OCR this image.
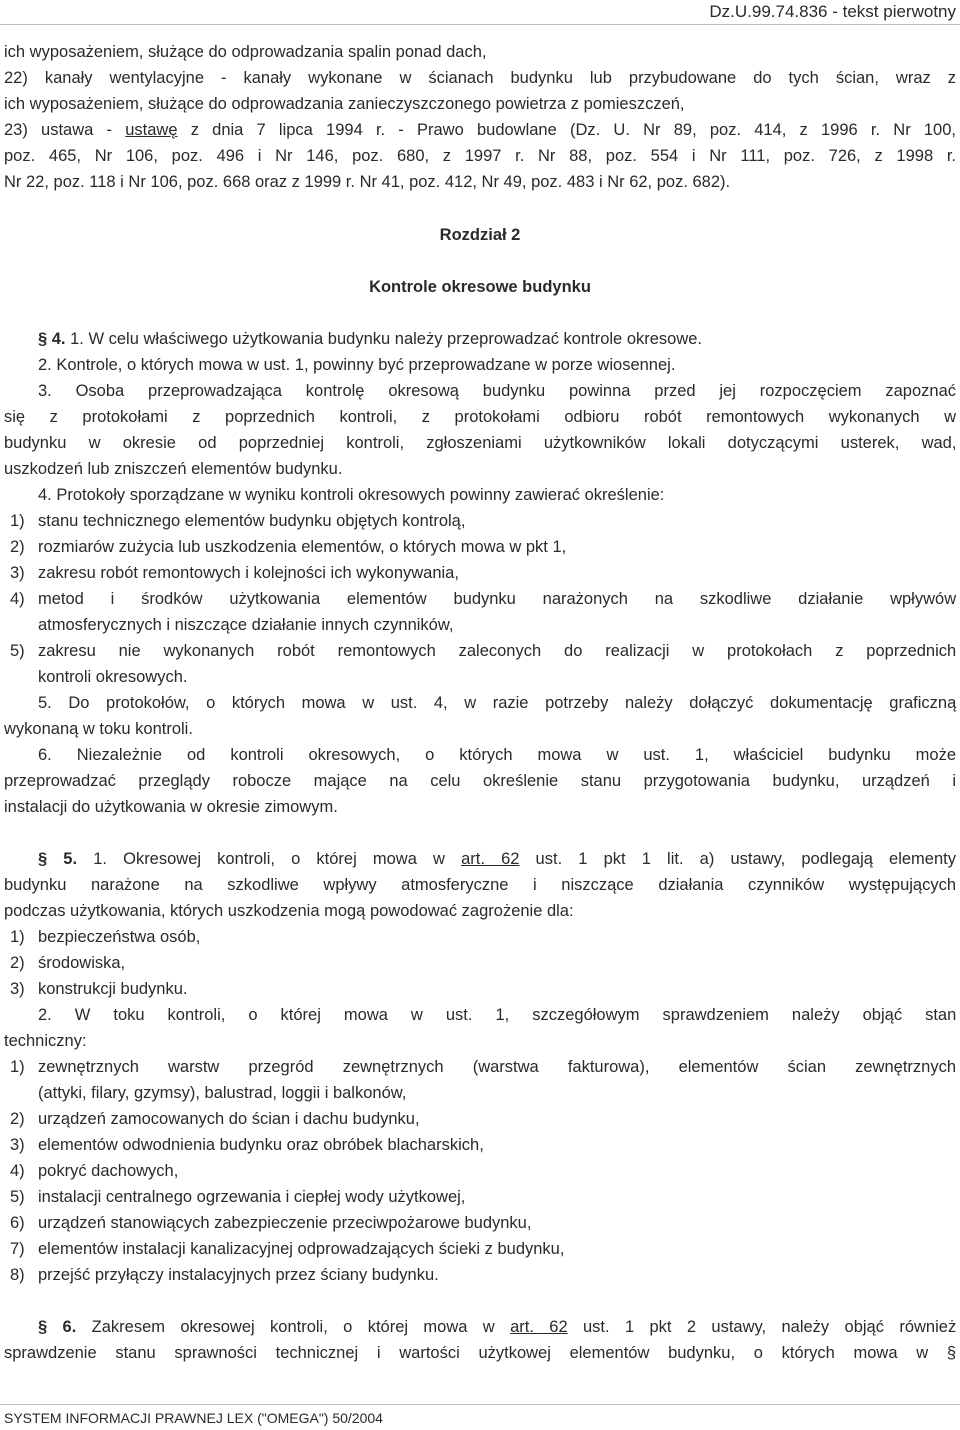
Dz.U.99.74.836 - tekst pierwotny
ich wyposażeniem, służące do odprowadzania spalin ponad dach,
22) kanały wentylacyjne - kanały wykonane w ścianach budynku lub przybudowane do tych ścian, wraz z
ich wyposażeniem, służące do odprowadzania zanieczyszczonego powietrza z pomieszczeń,
23) ustawa - ustawę z dnia 7 lipca 1994 r. - Prawo budowlane (Dz. U. Nr 89, poz. 414, z 1996 r. Nr 100,
poz. 465, Nr 106, poz. 496 i Nr 146, poz. 680, z 1997 r. Nr 88, poz. 554 i Nr 111, poz. 726, z 1998 r.
Nr 22, poz. 118 i Nr 106, poz. 668 oraz z 1999 r. Nr 41, poz. 412, Nr 49, poz. 483 i Nr 62, poz. 682).
Rozdział 2
Kontrole okresowe budynku
§ 4. 1. W celu właściwego użytkowania budynku należy przeprowadzać kontrole okresowe.
2. Kontrole, o których mowa w ust. 1, powinny być przeprowadzane w porze wiosennej.
3. Osoba przeprowadzająca kontrolę okresową budynku powinna przed jej rozpoczęciem zapoznać
się z protokołami z poprzednich kontroli, z protokołami odbioru robót remontowych wykonanych w
budynku w okresie od poprzedniej kontroli, zgłoszeniami użytkowników lokali dotyczącymi usterek, wad,
uszkodzeń lub zniszczeń elementów budynku.
4. Protokoły sporządzane w wyniku kontroli okresowych powinny zawierać określenie:
1) stanu technicznego elementów budynku objętych kontrolą,
2) rozmiarów zużycia lub uszkodzenia elementów, o których mowa w pkt 1,
3) zakresu robót remontowych i kolejności ich wykonywania,
4) metod i środków użytkowania elementów budynku narażonych na szkodliwe działanie wpływów
atmosferycznych i niszczące działanie innych czynników,
5) zakresu nie wykonanych robót remontowych zaleconych do realizacji w protokołach z poprzednich
kontroli okresowych.
5. Do protokołów, o których mowa w ust. 4, w razie potrzeby należy dołączyć dokumentację graficzną
wykonaną w toku kontroli.
6. Niezależnie od kontroli okresowych, o których mowa w ust. 1, właściciel budynku może
przeprowadzać przeglądy robocze mające na celu określenie stanu przygotowania budynku, urządzeń i
instalacji do użytkowania w okresie zimowym.
§ 5. 1. Okresowej kontroli, o której mowa w art. 62 ust. 1 pkt 1 lit. a) ustawy, podlegają elementy
budynku narażone na szkodliwe wpływy atmosferyczne i niszczące działania czynników występujących
podczas użytkowania, których uszkodzenia mogą powodować zagrożenie dla:
1) bezpieczeństwa osób,
2) środowiska,
3) konstrukcji budynku.
2. W toku kontroli, o której mowa w ust. 1, szczegółowym sprawdzeniem należy objąć stan
techniczny:
1) zewnętrznych warstw przegród zewnętrznych (warstwa fakturowa), elementów ścian zewnętrznych
(attyki, filary, gzymsy), balustrad, loggii i balkonów,
2) urządzeń zamocowanych do ścian i dachu budynku,
3) elementów odwodnienia budynku oraz obróbek blacharskich,
4) pokryć dachowych,
5) instalacji centralnego ogrzewania i ciepłej wody użytkowej,
6) urządzeń stanowiących zabezpieczenie przeciwpożarowe budynku,
7) elementów instalacji kanalizacyjnej odprowadzających ścieki z budynku,
8) przejść przyłączy instalacyjnych przez ściany budynku.
§ 6. Zakresem okresowej kontroli, o której mowa w art. 62 ust. 1 pkt 2 ustawy, należy objąć również
sprawdzenie stanu sprawności technicznej i wartości użytkowej elementów budynku, o których mowa w §
SYSTEM INFORMACJI PRAWNEJ LEX ("OMEGA") 50/2004
